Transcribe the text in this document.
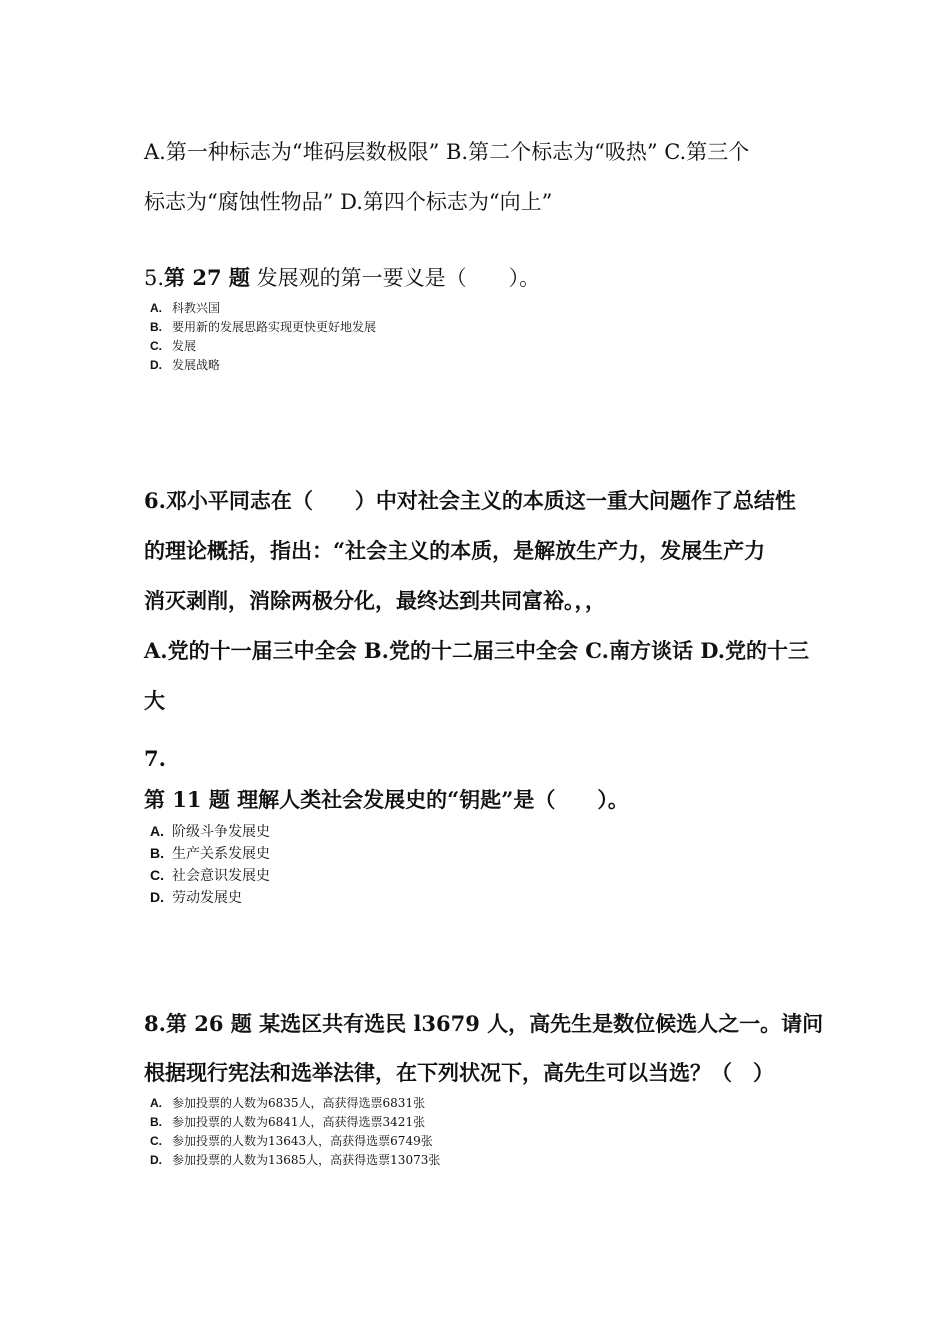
A.第一种标志为“堆码层数极限” B.第二个标志为“吸热” C.第三个
标志为“腐蚀性物品” D.第四个标志为“向上”
5.第 27 题 发展观的第一要义是（　　）。
A. 科教兴国
B. 要用新的发展思路实现更快更好地发展
C. 发展
D. 发展战略
6.邓小平同志在（　　）中对社会主义的本质这一重大问题作了总结性
的理论概括，指出：“社会主义的本质，是解放生产力，发展生产力
消灭剥削，消除两极分化，最终达到共同富裕。，，
A.党的十一届三中全会 B.党的十二届三中全会 C.南方谈话 D.党的十三
大
7.
第 11 题 理解人类社会发展史的“钥匙”是（　　）。
A. 阶级斗争发展史
B. 生产关系发展史
C. 社会意识发展史
D. 劳动发展史
8.第 26 题 某选区共有选民 l3679 人，高先生是数位候选人之一。请问
根据现行宪法和选举法律，在下列状况下，高先生可以当选？（　）
A. 参加投票的人数为6835人，高获得选票6831张
B. 参加投票的人数为6841人，高获得选票3421张
C. 参加投票的人数为13643人，高获得选票6749张
D. 参加投票的人数为13685人，高获得选票13073张
